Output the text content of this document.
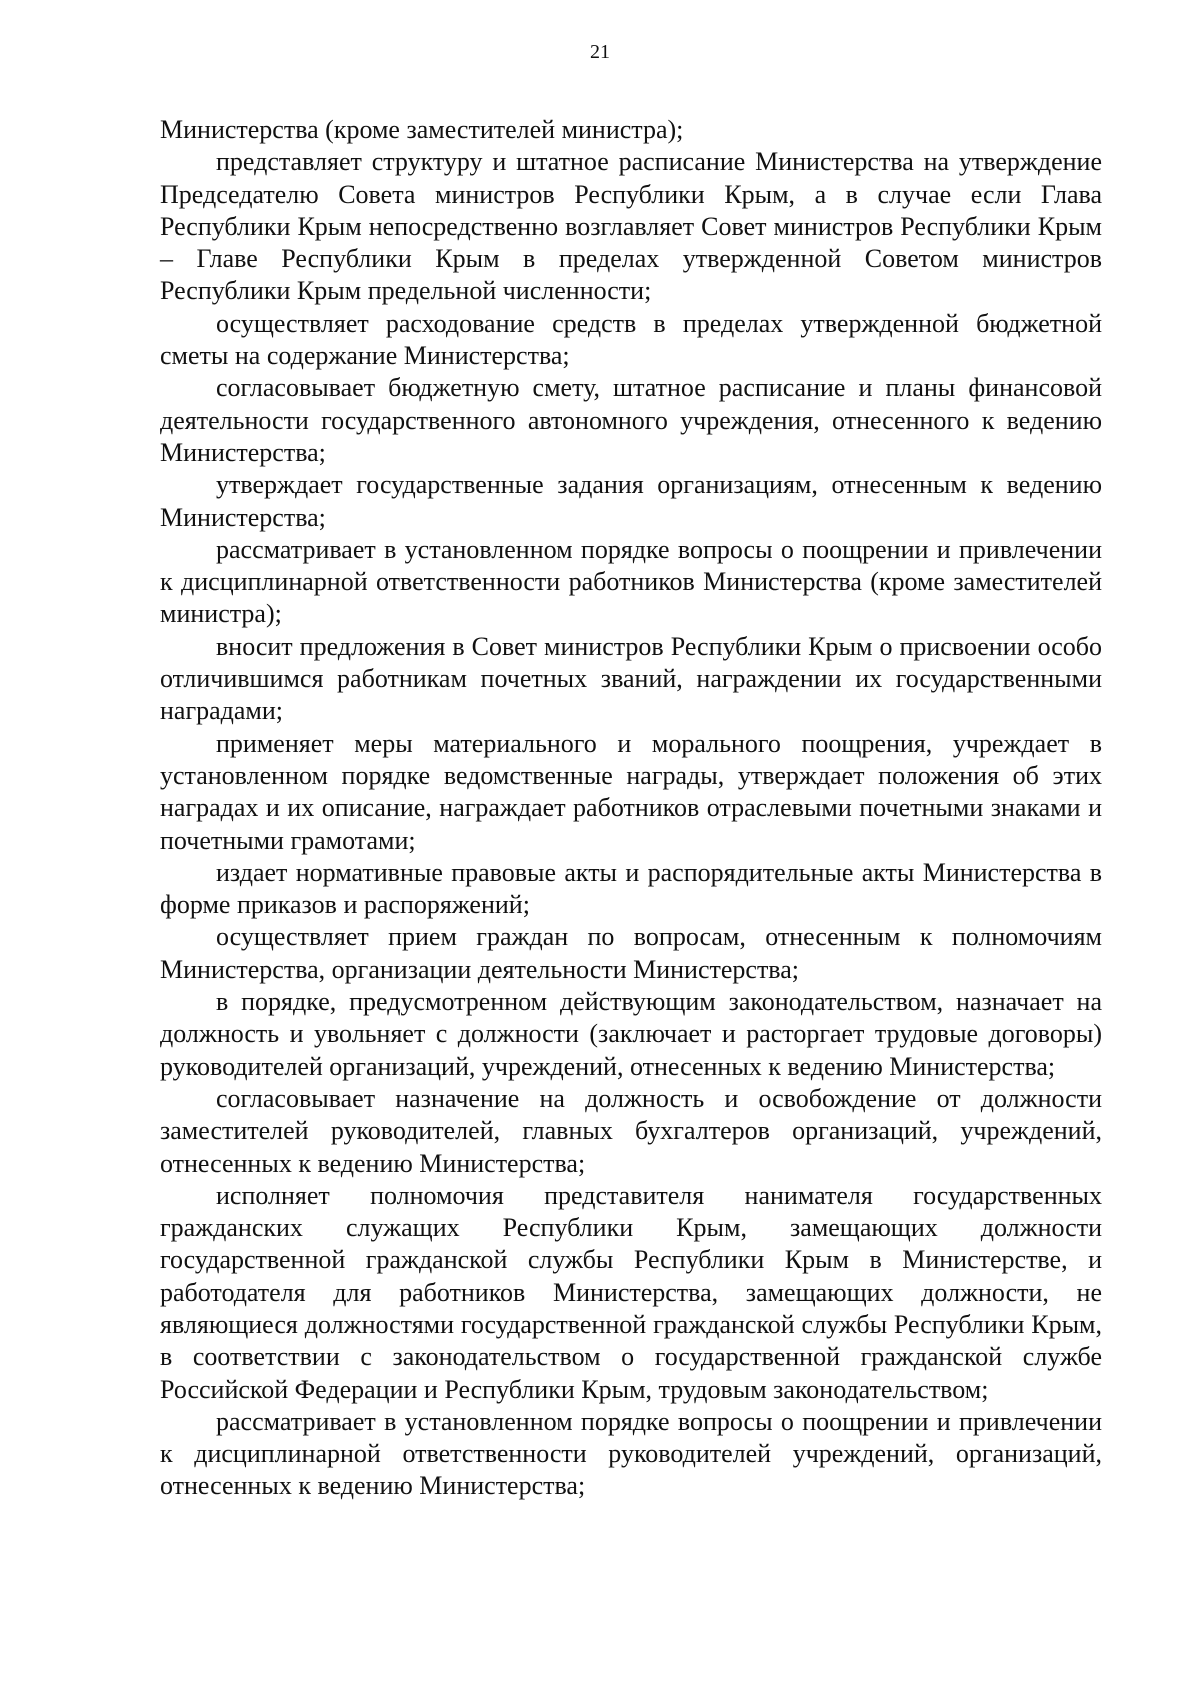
21

Министерства (кроме заместителей министра);

представляет структуру и штатное расписание Министерства на утверждение Председателю Совета министров Республики Крым, а в случае если Глава Республики Крым непосредственно возглавляет Совет министров Республики Крым – Главе Республики Крым в пределах утвержденной Советом министров Республики Крым предельной численности;

осуществляет расходование средств в пределах утвержденной бюджетной сметы на содержание Министерства;

согласовывает бюджетную смету, штатное расписание и планы финансовой деятельности государственного автономного учреждения, отнесенного к ведению Министерства;

утверждает государственные задания организациям, отнесенным к ведению Министерства;

рассматривает в установленном порядке вопросы о поощрении и привлечении к дисциплинарной ответственности работников Министерства (кроме заместителей министра);

вносит предложения в Совет министров Республики Крым о присвоении особо отличившимся работникам почетных званий, награждении их государственными наградами;

применяет меры материального и морального поощрения, учреждает в установленном порядке ведомственные награды, утверждает положения об этих наградах и их описание, награждает работников отраслевыми почетными знаками и почетными грамотами;

издает нормативные правовые акты и распорядительные акты Министерства в форме приказов и распоряжений;

осуществляет прием граждан по вопросам, отнесенным к полномочиям Министерства, организации деятельности Министерства;

в порядке, предусмотренном действующим законодательством, назначает на должность и увольняет с должности (заключает и расторгает трудовые договоры) руководителей организаций, учреждений, отнесенных к ведению Министерства;

согласовывает назначение на должность и освобождение от должности заместителей руководителей, главных бухгалтеров организаций, учреждений, отнесенных к ведению Министерства;

исполняет полномочия представителя нанимателя государственных гражданских служащих Республики Крым, замещающих должности государственной гражданской службы Республики Крым в Министерстве, и работодателя для работников Министерства, замещающих должности, не являющиеся должностями государственной гражданской службы Республики Крым, в соответствии с законодательством о государственной гражданской службе Российской Федерации и Республики Крым, трудовым законодательством;

рассматривает в установленном порядке вопросы о поощрении и привлечении к дисциплинарной ответственности руководителей учреждений, организаций, отнесенных к ведению Министерства;
